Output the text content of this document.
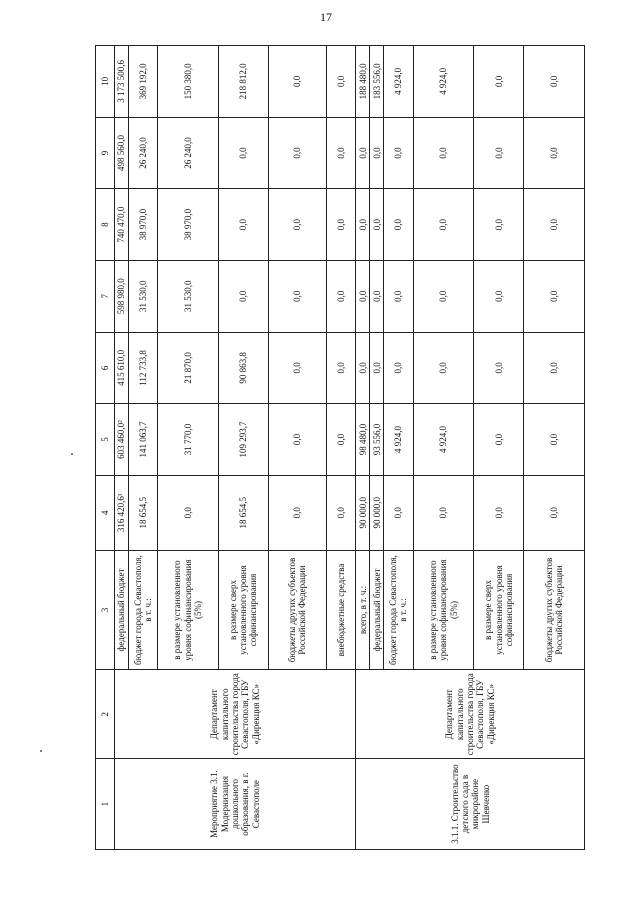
17
1	2	3	4	5	6	7	8	9	10
Мероприятие 3.1. Модернизация дошкольного образования, в г. Севастополе	Департамент капитального строительства города Севастополя, ГБУ «Дирекция КС»	федеральный бюджет	316 420,6¹	603 460,0²	415 610,0	598 980,0	740 470,0	498 560,0	3 173 500,6
		бюджет города Севастополя, в т. ч.:	18 654,5	141 063,7	112 733,8	31 530,0	38 970,0	26 240,0	369 192,0
		в размере установленного уровня софинансирования (5%)	0,0	31 770,0	21 870,0	31 530,0	38 970,0	26 240,0	150 380,0
		в размере сверх установленного уровня софинансирования	18 654,5	109 293,7	90 863,8	0,0	0,0	0,0	218 812,0
		бюджеты других субъектов Российской Федерации	0,0	0,0	0,0	0,0	0,0	0,0	0,0
		внебюджетные средства	0,0	0,0	0,0	0,0	0,0	0,0	0,0
3.1.1. Строительство детского сада в микрорайоне Шевченко	Департамент капитального строительства города Севастополя, ГБУ «Дирекция КС»	всего, в т. ч.:	90 000,0	98 480,0	0,0	0,0	0,0	0,0	188 480,0
		федеральный бюджет	90 000,0	93 556,0	0,0	0,0	0,0	0,0	183 556,0
		бюджет города Севастополя, в т. ч.:	0,0	4 924,0	0,0	0,0	0,0	0,0	4 924,0
		в размере установленного уровня софинансирования (5%)	0,0	4 924,0	0,0	0,0	0,0	0,0	4 924,0
		в размере сверх установленного уровня софинансирования	0,0	0,0	0,0	0,0	0,0	0,0	0,0
		бюджеты других субъектов Российской Федерации	0,0	0,0	0,0	0,0	0,0	0,0	0,0
